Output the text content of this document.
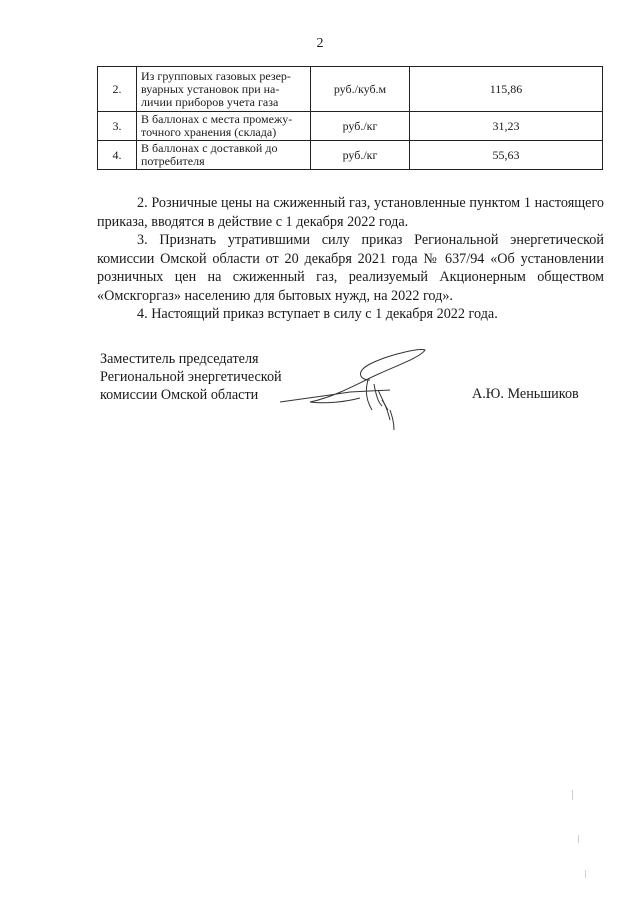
2
2.	Из групповых газовых резер-
вуарных установок при на-
личии приборов учета газа	руб./куб.м	115,86
3.	В баллонах с места промежу-
точного хранения (склада)	руб./кг	31,23
4.	В баллонах с доставкой до
потребителя	руб./кг	55,63

2. Розничные цены на сжиженный газ, установленные пунктом 1 настоящего приказа, вводятся в действие с 1 декабря 2022 года.

3. Признать утратившими силу приказ Региональной энергетической комиссии Омской области от 20 декабря 2021 года № 637/94 «Об установлении розничных цен на сжиженный газ, реализуемый Акционерным обществом «Омскгоргаз» населению для бытовых нужд, на 2022 год».

4. Настоящий приказ вступает в силу с 1 декабря 2022 года.

Заместитель председателя
Региональной энергетической
комиссии Омской области	А.Ю. Меньшиков
